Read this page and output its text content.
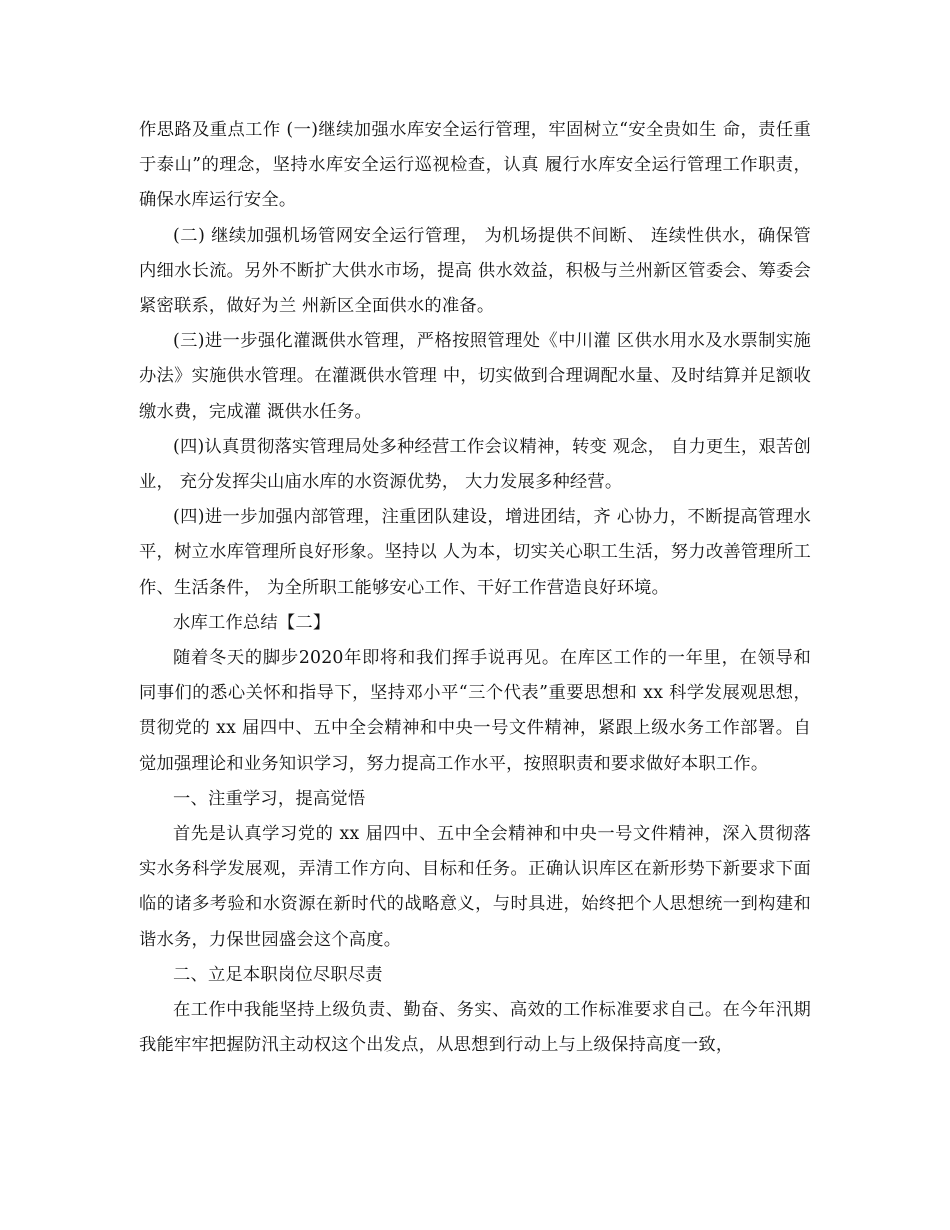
作思路及重点工作 (一)继续加强水库安全运行管理，牢固树立“安全贵如生 命，责任重于泰山”的理念，坚持水库安全运行巡视检查，认真 履行水库安全运行管理工作职责，确保水库运行安全。

(二) 继续加强机场管网安全运行管理， 为机场提供不间断、 连续性供水，确保管内细水长流。另外不断扩大供水市场，提高 供水效益，积极与兰州新区管委会、筹委会紧密联系，做好为兰 州新区全面供水的准备。

(三)进一步强化灌溉供水管理，严格按照管理处《中川灌 区供水用水及水票制实施办法》实施供水管理。在灌溉供水管理 中，切实做到合理调配水量、及时结算并足额收缴水费，完成灌 溉供水任务。

(四)认真贯彻落实管理局处多种经营工作会议精神，转变 观念， 自力更生，艰苦创业， 充分发挥尖山庙水库的水资源优势， 大力发展多种经营。

(四)进一步加强内部管理，注重团队建设，增进团结，齐 心协力，不断提高管理水平，树立水库管理所良好形象。坚持以 人为本，切实关心职工生活，努力改善管理所工作、生活条件， 为全所职工能够安心工作、干好工作营造良好环境。

水库工作总结【二】

随着冬天的脚步2020年即将和我们挥手说再见。在库区工作的一年里，在领导和同事们的悉心关怀和指导下，坚持邓小平“三个代表”重要思想和 xx 科学发展观思想，贯彻党的 xx 届四中、五中全会精神和中央一号文件精神，紧跟上级水务工作部署。自觉加强理论和业务知识学习，努力提高工作水平，按照职责和要求做好本职工作。

一、注重学习，提高觉悟

首先是认真学习党的 xx 届四中、五中全会精神和中央一号文件精神，深入贯彻落实水务科学发展观，弄清工作方向、目标和任务。正确认识库区在新形势下新要求下面临的诸多考验和水资源在新时代的战略意义，与时具进，始终把个人思想统一到构建和谐水务，力保世园盛会这个高度。

二、立足本职岗位尽职尽责

在工作中我能坚持上级负责、勤奋、务实、高效的工作标准要求自己。在今年汛期我能牢牢把握防汛主动权这个出发点，从思想到行动上与上级保持高度一致，
